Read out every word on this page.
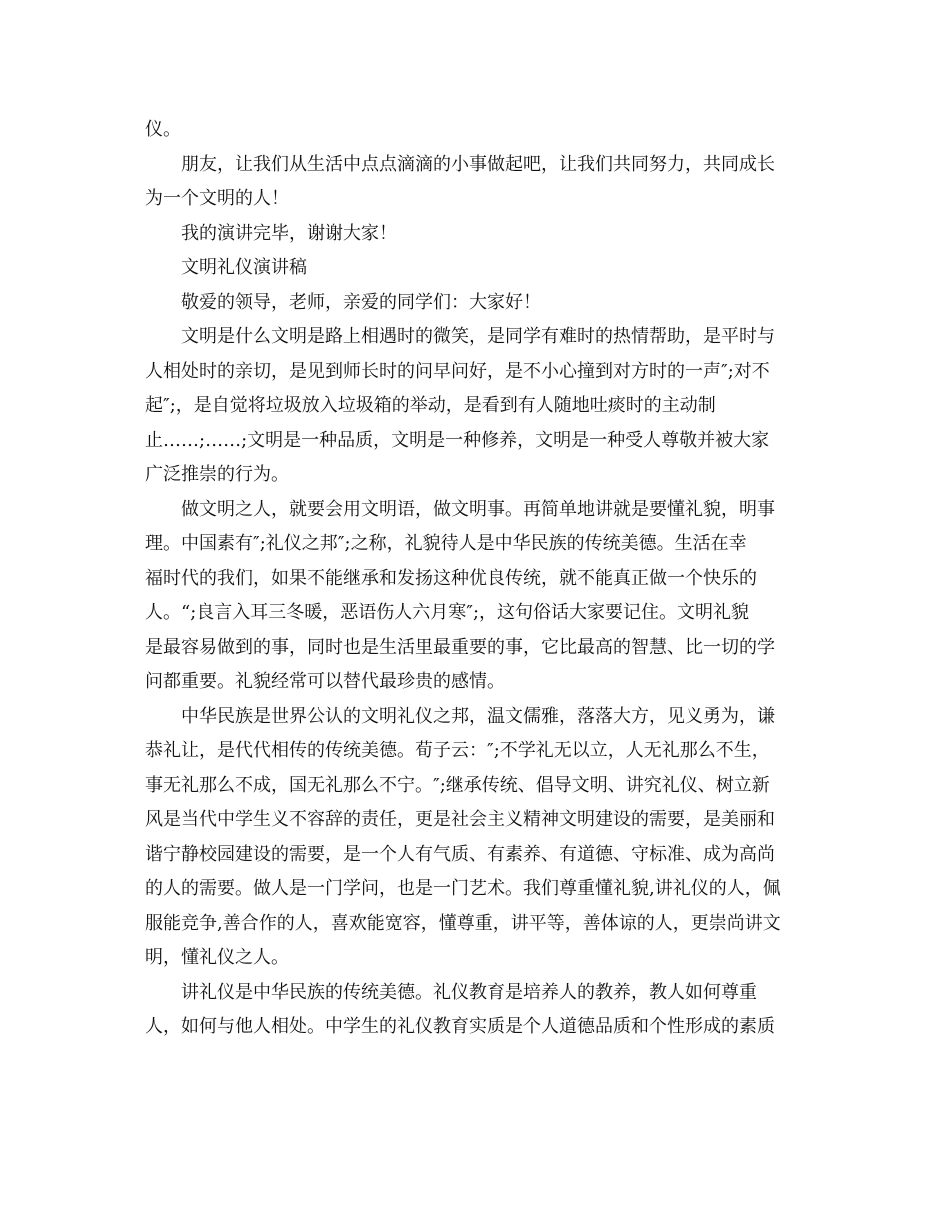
仪。
朋友，让我们从生活中点点滴滴的小事做起吧，让我们共同努力，共同成长
为一个文明的人！
我的演讲完毕，谢谢大家！
文明礼仪演讲稿
敬爱的领导，老师，亲爱的同学们：大家好！
文明是什么文明是路上相遇时的微笑，是同学有难时的热情帮助，是平时与
人相处时的亲切，是见到师长时的问早问好，是不小心撞到对方时的一声″;对不
起″;，是自觉将垃圾放入垃圾箱的举动，是看到有人随地吐痰时的主动制
止……;……;文明是一种品质，文明是一种修养，文明是一种受人尊敬并被大家
广泛推崇的行为。
做文明之人，就要会用文明语，做文明事。再简单地讲就是要懂礼貌，明事
理。中国素有″;礼仪之邦″;之称，礼貌待人是中华民族的传统美德。生活在幸
福时代的我们，如果不能继承和发扬这种优良传统，就不能真正做一个快乐的
人。“;良言入耳三冬暖，恶语伤人六月寒″;，这句俗话大家要记住。文明礼貌
是最容易做到的事，同时也是生活里最重要的事，它比最高的智慧、比一切的学
问都重要。礼貌经常可以替代最珍贵的感情。
中华民族是世界公认的文明礼仪之邦，温文儒雅，落落大方，见义勇为，谦
恭礼让，是代代相传的传统美德。荀子云：″;不学礼无以立，人无礼那么不生，
事无礼那么不成，国无礼那么不宁。″;继承传统、倡导文明、讲究礼仪、树立新
风是当代中学生义不容辞的责任，更是社会主义精神文明建设的需要，是美丽和
谐宁静校园建设的需要，是一个人有气质、有素养、有道德、守标准、成为高尚
的人的需要。做人是一门学问，也是一门艺术。我们尊重懂礼貌,讲礼仪的人，佩
服能竞争,善合作的人，喜欢能宽容，懂尊重，讲平等，善体谅的人，更崇尚讲文
明，懂礼仪之人。
讲礼仪是中华民族的传统美德。礼仪教育是培养人的教养，教人如何尊重
人，如何与他人相处。中学生的礼仪教育实质是个人道德品质和个性形成的素质
